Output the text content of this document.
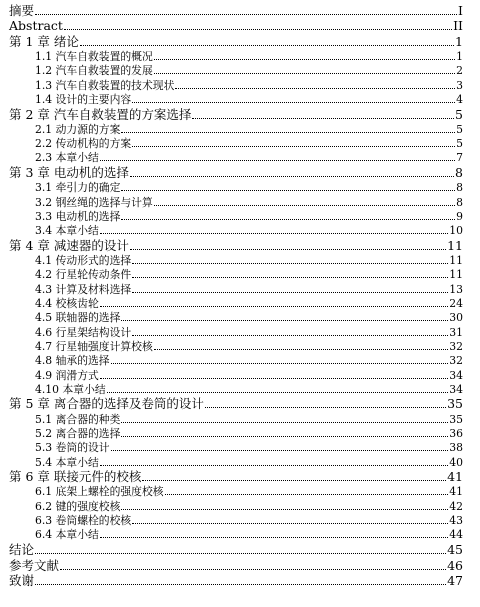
摘要	I
Abstract	II
第 1 章 绪论	1
1.1 汽车自救装置的概况	1
1.2 汽车自救装置的发展	2
1.3 汽车自救装置的技术现状	3
1.4 设计的主要内容	4
第 2 章 汽车自救装置的方案选择	5
2.1 动力源的方案	5
2.2 传动机构的方案	5
2.3 本章小结	7
第 3 章 电动机的选择	8
3.1 牵引力的确定	8
3.2 钢丝绳的选择与计算	8
3.3 电动机的选择	9
3.4 本章小结	10
第 4 章 减速器的设计	11
4.1 传动形式的选择	11
4.2 行星轮传动条件	11
4.3 计算及材料选择	13
4.4 校核齿轮	24
4.5 联轴器的选择	30
4.6 行星架结构设计	31
4.7 行星轴强度计算校核	32
4.8 轴承的选择	32
4.9 润滑方式	34
4.10 本章小结	34
第 5 章 离合器的选择及卷筒的设计	35
5.1 离合器的种类	35
5.2 离合器的选择	36
5.3 卷筒的设计	38
5.4 本章小结	40
第 6 章 联接元件的校核	41
6.1 底架上螺栓的强度校核	41
6.2 键的强度校核	42
6.3 卷筒螺栓的校核	43
6.4 本章小结	44
结论	45
参考文献	46
致谢	47
